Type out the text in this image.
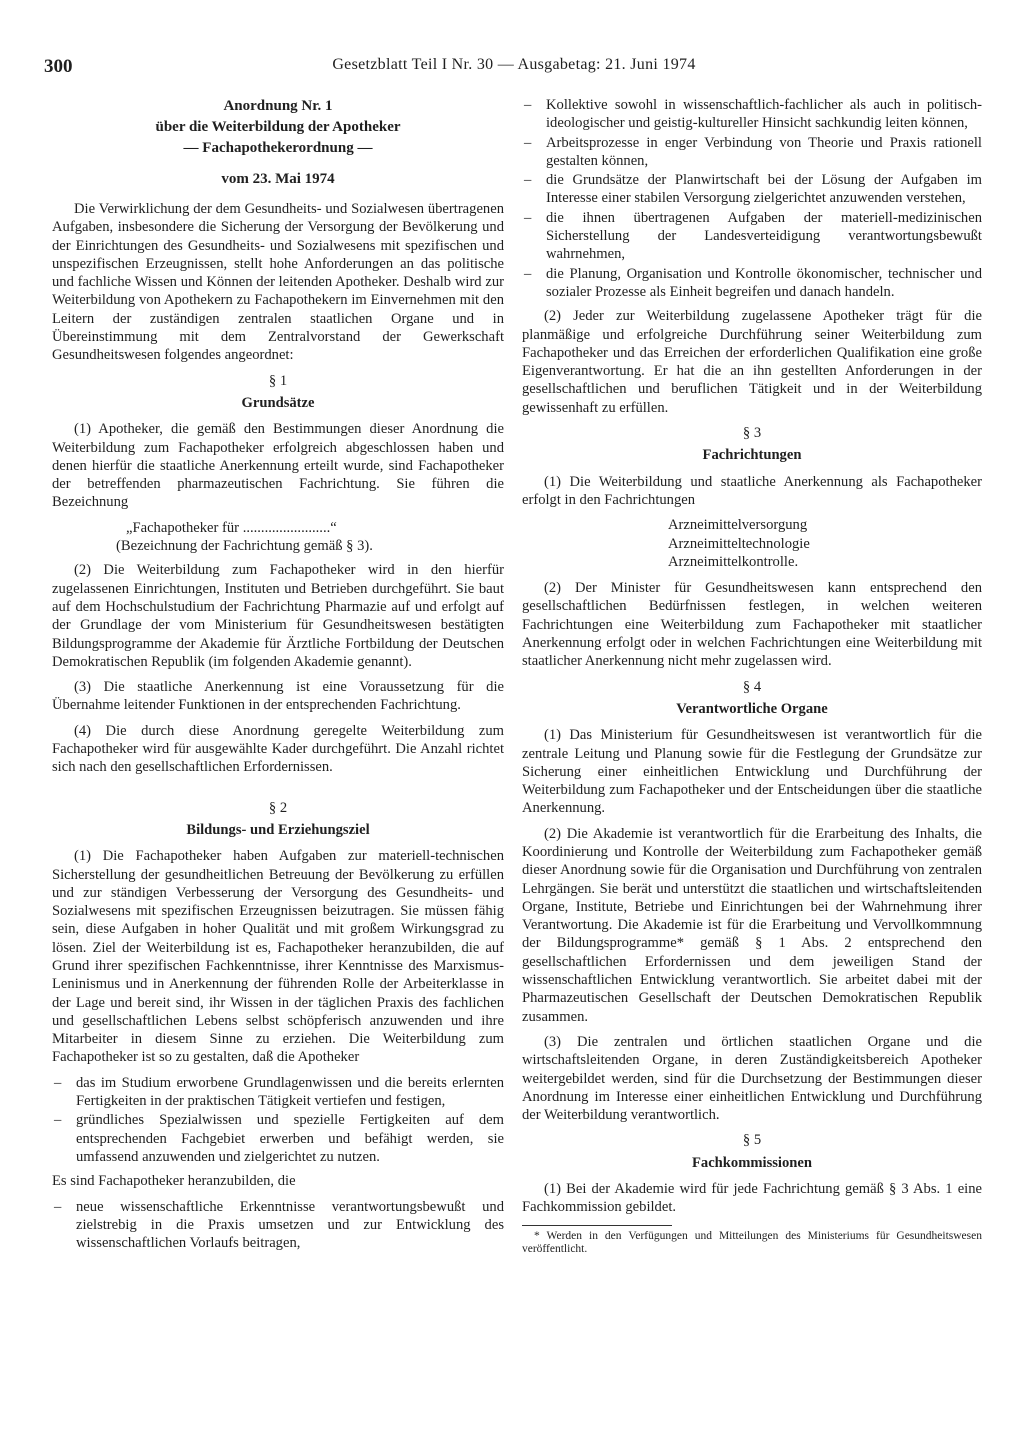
300	Gesetzblatt Teil I Nr. 30 — Ausgabetag: 21. Juni 1974
Anordnung Nr. 1
über die Weiterbildung der Apotheker
— Fachapothekerordnung —
vom 23. Mai 1974

Die Verwirklichung der dem Gesundheits- und Sozialwesen übertragenen Aufgaben, insbesondere die Sicherung der Versorgung der Bevölkerung und der Einrichtungen des Gesundheits- und Sozialwesens mit spezifischen und unspezifischen Erzeugnissen, stellt hohe Anforderungen an das politische und fachliche Wissen und Können der leitenden Apotheker. Deshalb wird zur Weiterbildung von Apothekern zu Fachapothekern im Einvernehmen mit den Leitern der zuständigen zentralen staatlichen Organe und in Übereinstimmung mit dem Zentralvorstand der Gewerkschaft Gesundheitswesen folgendes angeordnet:

§ 1
Grundsätze

(1) Apotheker, die gemäß den Bestimmungen dieser Anordnung die Weiterbildung zum Fachapotheker erfolgreich abgeschlossen haben und denen hierfür die staatliche Anerkennung erteilt wurde, sind Fachapotheker der betreffenden pharmazeutischen Fachrichtung. Sie führen die Bezeichnung

„Fachapotheker für ........................“
(Bezeichnung der Fachrichtung gemäß § 3).

(2) Die Weiterbildung zum Fachapotheker wird in den hierfür zugelassenen Einrichtungen, Instituten und Betrieben durchgeführt. Sie baut auf dem Hochschulstudium der Fachrichtung Pharmazie auf und erfolgt auf der Grundlage der vom Ministerium für Gesundheitswesen bestätigten Bildungsprogramme der Akademie für Ärztliche Fortbildung der Deutschen Demokratischen Republik (im folgenden Akademie genannt).

(3) Die staatliche Anerkennung ist eine Voraussetzung für die Übernahme leitender Funktionen in der entsprechenden Fachrichtung.

(4) Die durch diese Anordnung geregelte Weiterbildung zum Fachapotheker wird für ausgewählte Kader durchgeführt. Die Anzahl richtet sich nach den gesellschaftlichen Erfordernissen.

§ 2
Bildungs- und Erziehungsziel

(1) Die Fachapotheker haben Aufgaben zur materiell-technischen Sicherstellung der gesundheitlichen Betreuung der Bevölkerung zu erfüllen und zur ständigen Verbesserung der Versorgung des Gesundheits- und Sozialwesens mit spezifischen Erzeugnissen beizutragen. Sie müssen fähig sein, diese Aufgaben in hoher Qualität und mit großem Wirkungsgrad zu lösen. Ziel der Weiterbildung ist es, Fachapotheker heranzubilden, die auf Grund ihrer spezifischen Fachkenntnisse, ihrer Kenntnisse des Marxismus-Leninismus und in Anerkennung der führenden Rolle der Arbeiterklasse in der Lage und bereit sind, ihr Wissen in der täglichen Praxis des fachlichen und gesellschaftlichen Lebens selbst schöpferisch anzuwenden und ihre Mitarbeiter in diesem Sinne zu erziehen. Die Weiterbildung zum Fachapotheker ist so zu gestalten, daß die Apotheker

– das im Studium erworbene Grundlagenwissen und die bereits erlernten Fertigkeiten in der praktischen Tätigkeit vertiefen und festigen,
– gründliches Spezialwissen und spezielle Fertigkeiten auf dem entsprechenden Fachgebiet erwerben und befähigt werden, sie umfassend anzuwenden und zielgerichtet zu nutzen.

Es sind Fachapotheker heranzubilden, die

– neue wissenschaftliche Erkenntnisse verantwortungsbewußt und zielstrebig in die Praxis umsetzen und zur Entwicklung des wissenschaftlichen Vorlaufs beitragen,
– Kollektive sowohl in wissenschaftlich-fachlicher als auch in politisch-ideologischer und geistig-kultureller Hinsicht sachkundig leiten können,
– Arbeitsprozesse in enger Verbindung von Theorie und Praxis rationell gestalten können,
– die Grundsätze der Planwirtschaft bei der Lösung der Aufgaben im Interesse einer stabilen Versorgung zielgerichtet anzuwenden verstehen,
– die ihnen übertragenen Aufgaben der materiell-medizinischen Sicherstellung der Landesverteidigung verantwortungsbewußt wahrnehmen,
– die Planung, Organisation und Kontrolle ökonomischer, technischer und sozialer Prozesse als Einheit begreifen und danach handeln.

(2) Jeder zur Weiterbildung zugelassene Apotheker trägt für die planmäßige und erfolgreiche Durchführung seiner Weiterbildung zum Fachapotheker und das Erreichen der erforderlichen Qualifikation eine große Eigenverantwortung. Er hat die an ihn gestellten Anforderungen in der gesellschaftlichen und beruflichen Tätigkeit und in der Weiterbildung gewissenhaft zu erfüllen.

§ 3
Fachrichtungen

(1) Die Weiterbildung und staatliche Anerkennung als Fachapotheker erfolgt in den Fachrichtungen

Arzneimittelversorgung
Arzneimitteltechnologie
Arzneimittelkontrolle.

(2) Der Minister für Gesundheitswesen kann entsprechend den gesellschaftlichen Bedürfnissen festlegen, in welchen weiteren Fachrichtungen eine Weiterbildung zum Fachapotheker mit staatlicher Anerkennung erfolgt oder in welchen Fachrichtungen eine Weiterbildung mit staatlicher Anerkennung nicht mehr zugelassen wird.

§ 4
Verantwortliche Organe

(1) Das Ministerium für Gesundheitswesen ist verantwortlich für die zentrale Leitung und Planung sowie für die Festlegung der Grundsätze zur Sicherung einer einheitlichen Entwicklung und Durchführung der Weiterbildung zum Fachapotheker und der Entscheidungen über die staatliche Anerkennung.

(2) Die Akademie ist verantwortlich für die Erarbeitung des Inhalts, die Koordinierung und Kontrolle der Weiterbildung zum Fachapotheker gemäß dieser Anordnung sowie für die Organisation und Durchführung von zentralen Lehrgängen. Sie berät und unterstützt die staatlichen und wirtschaftsleitenden Organe, Institute, Betriebe und Einrichtungen bei der Wahrnehmung ihrer Verantwortung. Die Akademie ist für die Erarbeitung und Vervollkommnung der Bildungsprogramme* gemäß § 1 Abs. 2 entsprechend den gesellschaftlichen Erfordernissen und dem jeweiligen Stand der wissenschaftlichen Entwicklung verantwortlich. Sie arbeitet dabei mit der Pharmazeutischen Gesellschaft der Deutschen Demokratischen Republik zusammen.

(3) Die zentralen und örtlichen staatlichen Organe und die wirtschaftsleitenden Organe, in deren Zuständigkeitsbereich Apotheker weitergebildet werden, sind für die Durchsetzung der Bestimmungen dieser Anordnung im Interesse einer einheitlichen Entwicklung und Durchführung der Weiterbildung verantwortlich.

§ 5
Fachkommissionen

(1) Bei der Akademie wird für jede Fachrichtung gemäß § 3 Abs. 1 eine Fachkommission gebildet.

* Werden in den Verfügungen und Mitteilungen des Ministeriums für Gesundheitswesen veröffentlicht.
